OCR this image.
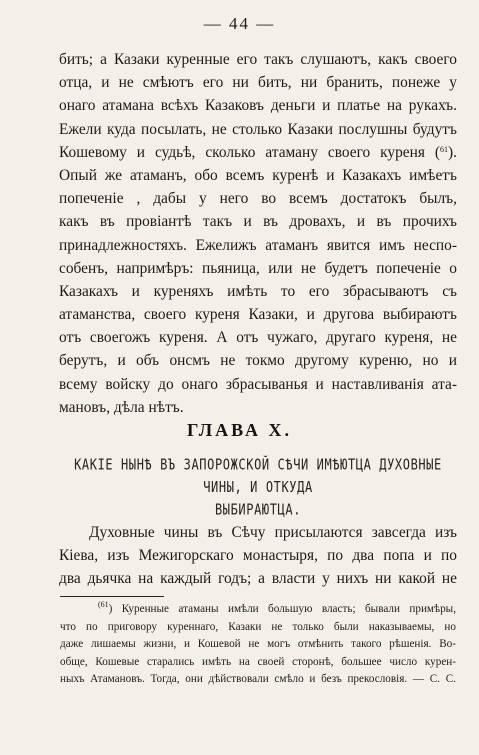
— 44 —
бить; а Казаки куренные его такъ слушаютъ, какъ своего
отца, и не смѣютъ его ни бить, ни бранить, понеже у
онаго атамана всѣхъ Казаковъ деньги и платье на рукахъ.
Ежели куда посылать, не столько Казаки послушны будутъ
Кошевому и судьѣ, сколько атаману своего куреня ($^{61}$).
Опый же атаманъ, обо всемъ куренѣ и Казакахъ имѣетъ
попеченіе , дабы у него во всемъ достатокъ былъ,
какъ въ провіантѣ такъ и въ дровахъ, и въ прочихъ
принадлежностяхъ. Ежелижъ атаманъ явится имъ неспо-
собенъ, напримѣръ: пьяница, или не будетъ попеченіе о
Казакахъ и куреняхъ имѣть то его збрасываютъ съ
атаманства, своего куреня Казаки, и другова выбираютъ
отъ своегожъ куреня. А отъ чужаго, другаго куреня, не
берутъ, и объ онсмъ не токмо другому куреню, но и
всему войску до онаго збрасыванья и наставливанія ата-
мановъ, дѣла нѣтъ.
ГЛАВА Х.
КАКІЕ НЫНѢ ВЪ ЗАПОРОЖСКОЙ СѢЧИ ИМѢЮТЦА ДУХОВНЫЕ ЧИНЫ, И ОТКУДА
ВЫБИРАЮТЦА.
Духовные чины въ Сѣчу присылаются завсегда изъ
Кіева, изъ Межигорскаго монастыря, по два попа и по
два дьячка на каждый годъ; а власти у нихъ ни какой не
$^{(61}$) Куренные атаманы имѣли большую власть; бывали примѣры,
что по приговору куреннаго, Казаки не только были наказываемы, но
даже лишаемы жизни, и Кошевой не могъ отмѣнить такого рѣшенія. Во-
обще, Кошевые старались имѣть на своей сторонѣ, большее число курен-
ныхъ Атамановъ. Тогда, они дѣйствовали смѣло и безъ прекословія. — С. С.
